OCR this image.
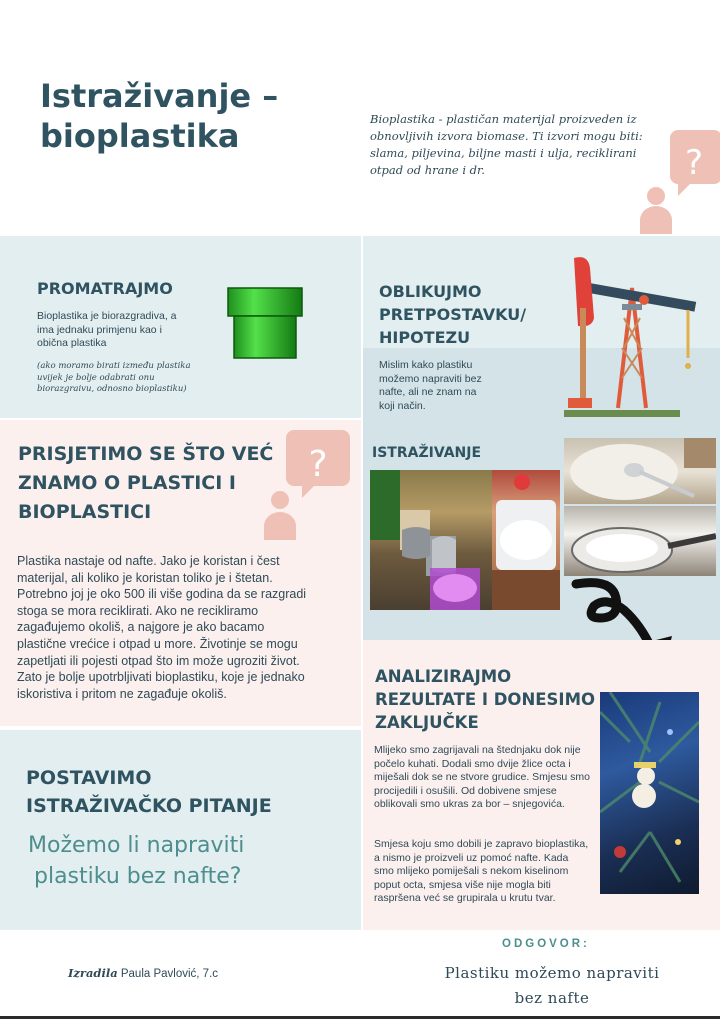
Istraživanje –
bioplastika	Bioplastika - plastičan materijal proizveden iz obnovljivih izvora biomase. Ti izvori mogu biti: slama, piljevina, biljne masti i ulja, reciklirani otpad od hrane i dr.	?
PROMATRAJMO
Bioplastika je biorazgradiva, a ima jednaku primjenu kao i obična plastika
(ako moramo birati između plastika uvijek je bolje odabrati onu biorazgraivu, odnosno bioplastiku)
OBLIKUJMO
PRETPOSTAVKU/
HIPOTEZU
Mislim kako plastiku možemo napraviti bez nafte, ali ne znam na koji način.
PRISJETIMO SE ŠTO VEĆ
ZNAMO O PLASTICI I
BIOPLASTICI
?
Plastika nastaje od nafte. Jako je koristan i čest materijal, ali koliko je koristan toliko je i štetan. Potrebno joj je oko 500 ili više godina da se razgradi stoga se mora reciklirati. Ako ne recikliramo zagađujemo okoliš, a najgore je ako bacamo plastične vrećice i otpad u more. Životinje se mogu zapetljati ili pojesti otpad što im može ugroziti život. Zato je bolje upotrbljivati bioplastiku, koje je jednako iskoristiva i pritom ne zagađuje okoliš.
ISTRAŽIVANJE
POSTAVIMO
ISTRAŽIVAČKO PITANJE
Možemo li napraviti
plastiku bez nafte?
ANALIZIRAJMO
REZULTATE I DONESIMO
ZAKLJUČKE
Mlijeko smo zagrijavali na štednjaku dok nije počelo kuhati. Dodali smo dvije žlice octa i miješali dok se ne stvore grudice. Smjesu smo procijedili i osušili. Od dobivene smjese oblikovali smo ukras za bor – snjegovića.
Smjesa koju smo dobili je zapravo bioplastika, a nismo je proizveli uz pomoć nafte. Kada smo mlijeko pomiješali s nekom kiselinom poput octa, smjesa više nije mogla biti raspršena već se grupirala u krutu tvar.
Izradila Paula Pavlović, 7.c
ODGOVOR:
Plastiku možemo napraviti
bez nafte
